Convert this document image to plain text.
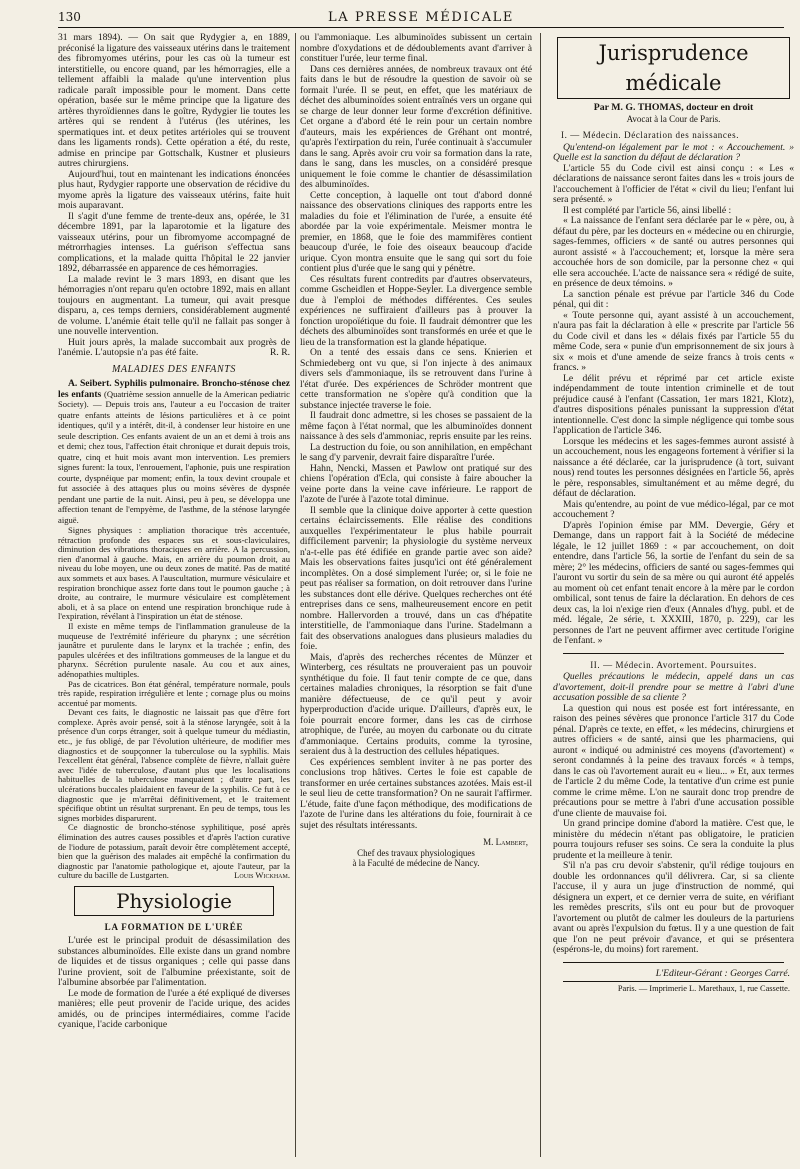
130	LA PRESSE MÉDICALE

31 mars 1894). — On sait que Rydygier a, en 1889, préconisé la ligature des vaisseaux utérins dans le traitement des fibromyomes utérins, pour les cas où la tumeur est interstitielle, ou encore quand, par les hémorragies, elle a tellement affaibli la malade qu'une intervention plus radicale paraît impossible pour le moment. Dans cette opération, basée sur le même principe que la ligature des artères thyroïdiennes dans le goître, Rydygier lie toutes les artères qui se rendent à l'utérus (les utérines, les spermatiques int. et deux petites artérioles qui se trouvent dans les ligaments ronds). Cette opération a été, du reste, admise en principe par Gottschalk, Kustner et plusieurs autres chirurgiens.

Aujourd'hui, tout en maintenant les indications énoncées plus haut, Rydygier rapporte une observation de récidive du myome après la ligature des vaisseaux utérins, faite huit mois auparavant.

Il s'agit d'une femme de trente-deux ans, opérée, le 31 décembre 1891, par la laparotomie et la ligature des vaisseaux utérins, pour un fibromyome accompagné de métrorrhagies intenses. La guérison s'effectua sans complications, et la malade quitta l'hôpital le 22 janvier 1892, débarrassée en apparence de ces hémorragies.

La malade revint le 3 mars 1893, en disant que les hémorragies n'ont reparu qu'en octobre 1892, mais en allant toujours en augmentant. La tumeur, qui avait presque disparu, a, ces temps derniers, considérablement augmenté de volume. L'anémie était telle qu'il ne fallait pas songer à une nouvelle intervention.

Huit jours après, la malade succombait aux progrès de l'anémie. L'autopsie n'a pas été faite.	R. R.

MALADIES DES ENFANTS

A. Seibert. Syphilis pulmonaire. Broncho-sténose chez les enfants (Quatrième session annuelle de la American pediatric Society). — Depuis trois ans, l'auteur a eu l'occasion de traiter quatre enfants atteints de lésions particulières et à ce point identiques, qu'il y a intérêt, dit-il, à condenser leur histoire en une seule description. Ces enfants avaient de un an et demi à trois ans et demi; chez tous, l'affection était chronique et durait depuis trois, quatre, cinq et huit mois avant mon intervention. Les premiers signes furent: la toux, l'enrouement, l'aphonie, puis une respiration courte, dyspnéique par moment; enfin, la toux devint croupale et fut associée à des attaques plus ou moins sévères de dyspnée pendant une partie de la nuit. Ainsi, peu à peu, se développa une affection tenant de l'empyème, de l'asthme, de la sténose laryngée aiguë.

Signes physiques : ampliation thoracique très accentuée, rétraction profonde des espaces sus et sous-claviculaires, diminution des vibrations thoraciques en arrière. A la percussion, rien d'anormal à gauche. Mais, en arrière du poumon droit, au niveau du lobe moyen, une ou deux zones de matité. Pas de matité aux sommets et aux bases. A l'auscultation, murmure vésiculaire et respiration bronchique assez forte dans tout le poumon gauche ; à droite, au contraire, le murmure vésiculaire est complètement aboli, et à sa place on entend une respiration bronchique rude à l'expiration, révélant à l'inspiration un état de sténose.

Il existe en même temps de l'inflammation granuleuse de la muqueuse de l'extrémité inférieure du pharynx ; une sécrétion jaunâtre et purulente dans le larynx et la trachée ; enfin, des papules ulcérées et des infiltrations gommeuses de la langue et du pharynx. Sécrétion purulente nasale. Au cou et aux aines, adénopathies multiples.

Pas de cicatrices. Bon état général, température normale, pouls très rapide, respiration irrégulière et lente ; cornage plus ou moins accentué par moments.

Devant ces faits, le diagnostic ne laissait pas que d'être fort complexe. Après avoir pensé, soit à la sténose laryngée, soit à la présence d'un corps étranger, soit à quelque tumeur du médiastin, etc., je fus obligé, de par l'évolution ultérieure, de modifier mes diagnostics et de soupçonner la tuberculose ou la syphilis. Mais l'excellent état général, l'absence complète de fièvre, n'allait guère avec l'idée de tuberculose, d'autant plus que les localisations habituelles de la tuberculose manquaient ; d'autre part, les ulcérations buccales plaidaient en faveur de la syphilis. Ce fut à ce diagnostic que je m'arrêtai définitivement, et le traitement spécifique obtint un résultat surprenant. En peu de temps, tous les signes morbides disparurent.

Ce diagnostic de broncho-sténose syphilitique, posé après élimination des autres causes possibles et d'après l'action curative de l'iodure de potassium, paraît devoir être complètement accepté, bien que la guérison des malades ait empêché la confirmation du diagnostic par l'anatomie pathologique et, ajoute l'auteur, par la culture du bacille de Lustgarten.	Louis Wickham.

Physiologie
LA FORMATION DE L'URÉE

L'urée est le principal produit de désassimilation des substances albuminoïdes. Elle existe dans un grand nombre de liquides et de tissus organiques ; celle qui passe dans l'urine provient, soit de l'albumine préexistante, soit de l'albumine absorbée par l'alimentation.

Le mode de formation de l'urée a été expliqué de diverses manières; elle peut provenir de l'acide urique, des acides amidés, ou de principes intermédiaires, comme l'acide cyanique, l'acide carbonique

ou l'ammoniaque. Les albuminoïdes subissent un certain nombre d'oxydations et de dédoublements avant d'arriver à constituer l'urée, leur terme final.

Dans ces dernières années, de nombreux travaux ont été faits dans le but de résoudre la question de savoir où se formait l'urée. Il se peut, en effet, que les matériaux de déchet des albuminoïdes soient entraînés vers un organe qui se charge de leur donner leur forme d'excrétion définitive. Cet organe a d'abord été le rein pour un certain nombre d'auteurs, mais les expériences de Gréhant ont montré, qu'après l'extirpation du rein, l'urée continuait à s'accumuler dans le sang. Après avoir cru voir sa formation dans la rate, dans le sang, dans les muscles, on a considéré presque uniquement le foie comme le chantier de désassimilation des albuminoïdes.

Cette conception, à laquelle ont tout d'abord donné naissance des observations cliniques des rapports entre les maladies du foie et l'élimination de l'urée, a ensuite été abordée par la voie expérimentale. Meismer montra le premier, en 1868, que le foie des mammifères contient beaucoup d'urée, le foie des oiseaux beaucoup d'acide urique. Cyon montra ensuite que le sang qui sort du foie contient plus d'urée que le sang qui y pénètre.

Ces résultats furent contredits par d'autres observateurs, comme Gscheidlen et Hoppe-Seyler. La divergence semble due à l'emploi de méthodes différentes. Ces seules expériences ne suffiraient d'ailleurs pas à prouver la fonction uropoïétique du foie. Il faudrait démontrer que les déchets des albuminoïdes sont transformés en urée et que le lieu de la transformation est la glande hépatique.

On a tenté des essais dans ce sens. Knierien et Schmiedeberg ont vu que, si l'on injecte à des animaux divers sels d'ammoniaque, ils se retrouvent dans l'urine à l'état d'urée. Des expériences de Schröder montrent que cette transformation ne s'opère qu'à condition que la substance injectée traverse le foie.

Il faudrait donc admettre, si les choses se passaient de la même façon à l'état normal, que les albuminoïdes donnent naissance à des sels d'ammoniac, repris ensuite par les reins.

La destruction du foie, ou son annihilation, en empêchant le sang d'y parvenir, devrait faire disparaître l'urée.

Hahn, Nencki, Massen et Pawlow ont pratiqué sur des chiens l'opération d'Ecla, qui consiste à faire aboucher la veine porte dans la veine cave inférieure. Le rapport de l'azote de l'urée à l'azote total diminue.

Il semble que la clinique doive apporter à cette question certains éclaircissements. Elle réalise des conditions auxquelles l'expérimentateur le plus habile pourrait difficilement parvenir; la physiologie du système nerveux n'a-t-elle pas été édifiée en grande partie avec son aide? Mais les observations faites jusqu'ici ont été généralement incomplètes. On a dosé simplement l'urée; or, si le foie ne peut pas réaliser sa formation, on doit retrouver dans l'urine les substances dont elle dérive. Quelques recherches ont été entreprises dans ce sens, malheureusement encore en petit nombre. Hallervorden a trouvé, dans un cas d'hépatite interstitielle, de l'ammoniaque dans l'urine. Stadelmann a fait des observations analogues dans plusieurs maladies du foie.

Mais, d'après des recherches récentes de Münzer et Winterberg, ces résultats ne prouveraient pas un pouvoir synthétique du foie. Il faut tenir compte de ce que, dans certaines maladies chroniques, la résorption se fait d'une manière défectueuse, de ce qu'il peut y avoir hyperproduction d'acide urique. D'ailleurs, d'après eux, le foie pourrait encore former, dans les cas de cirrhose atrophique, de l'urée, au moyen du carbonate ou du citrate d'ammoniaque. Certains produits, comme la tyrosine, seraient dus à la destruction des cellules hépatiques.

Ces expériences semblent inviter à ne pas porter des conclusions trop hâtives. Certes le foie est capable de transformer en urée certaines substances azotées. Mais est-il le seul lieu de cette transformation? On ne saurait l'affirmer. L'étude, faite d'une façon méthodique, des modifications de l'azote de l'urine dans les altérations du foie, fournirait à ce sujet des résultats intéressants.

M. Lambert,
Chef des travaux physiologiques
à la Faculté de médecine de Nancy.
Jurisprudence médicale
Par M. G. THOMAS, docteur en droit
Avocat à la Cour de Paris.
I. — Médecin. Déclaration des naissances.

Qu'entend-on légalement par le mot : « Accouchement. » Quelle est la sanction du défaut de déclaration ?

L'article 55 du Code civil est ainsi conçu : « Les « déclarations de naissance seront faites dans les « trois jours de l'accouchement à l'officier de l'état « civil du lieu; l'enfant lui sera présenté. »

Il est complété par l'article 56, ainsi libellé :

« La naissance de l'enfant sera déclarée par le « père, ou, à défaut du père, par les docteurs en « médecine ou en chirurgie, sages-femmes, officiers « de santé ou autres personnes qui auront assisté « à l'accouchement; et, lorsque la mère sera accouchée hors de son domicile, par la personne chez « qui elle sera accouchée. L'acte de naissance sera « rédigé de suite, en présence de deux témoins. »

La sanction pénale est prévue par l'article 346 du Code pénal, qui dit :

« Toute personne qui, ayant assisté à un accouchement, n'aura pas fait la déclaration à elle « prescrite par l'article 56 du Code civil et dans les « délais fixés par l'article 55 du même Code, sera « punie d'un emprisonnement de six jours à six « mois et d'une amende de seize francs à trois cents « francs. »

Le délit prévu et réprimé par cet article existe indépendamment de toute intention criminelle et de tout préjudice causé à l'enfant (Cassation, 1er mars 1821, Klotz), d'autres dispositions pénales punissant la suppression d'état intentionnelle. C'est donc la simple négligence qui tombe sous l'application de l'article 346.

Lorsque les médecins et les sages-femmes auront assisté à un accouchement, nous les engageons fortement à vérifier si la naissance a été déclarée, car la jurisprudence (à tort, suivant nous) rend toutes les personnes désignées en l'article 56, après le père, responsables, simultanément et au même degré, du défaut de déclaration.

Mais qu'entendre, au point de vue médico-légal, par ce mot accouchement ?

D'après l'opinion émise par MM. Devergie, Géry et Demange, dans un rapport fait à la Société de médecine légale, le 12 juillet 1869 : « par accouchement, on doit entendre, dans l'article 56, la sortie de l'enfant du sein de sa mère; 2° les médecins, officiers de santé ou sages-femmes qui l'auront vu sortir du sein de sa mère ou qui auront été appelés au moment où cet enfant tenait encore à la mère par le cordon ombilical, sont tenus de faire la déclaration. En dehors de ces deux cas, la loi n'exige rien d'eux (Annales d'hyg. publ. et de méd. légale, 2e série, t. XXXIII, 1870, p. 229), car les personnes de l'art ne peuvent affirmer avec certitude l'origine de l'enfant. »

II. — Médecin. Avortement. Poursuites.

Quelles précautions le médecin, appelé dans un cas d'avortement, doit-il prendre pour se mettre à l'abri d'une accusation possible de sa cliente ?

La question qui nous est posée est fort intéressante, en raison des peines sévères que prononce l'article 317 du Code pénal. D'après ce texte, en effet, « les médecins, chirurgiens et autres officiers « de santé, ainsi que les pharmaciens, qui auront « indiqué ou administré ces moyens (d'avortement) « seront condamnés à la peine des travaux forcés « à temps, dans le cas où l'avortement aurait eu « lieu... » Et, aux termes de l'article 2 du même Code, la tentative d'un crime est punie comme le crime même. L'on ne saurait donc trop prendre de précautions pour se mettre à l'abri d'une accusation possible d'une cliente de mauvaise foi.

Un grand principe domine d'abord la matière. C'est que, le ministère du médecin n'étant pas obligatoire, le praticien pourra toujours refuser ses soins. Ce sera la conduite la plus prudente et la meilleure à tenir.

S'il n'a pas cru devoir s'abstenir, qu'il rédige toujours en double les ordonnances qu'il délivrera. Car, si sa cliente l'accuse, il y aura un juge d'instruction de nommé, qui désignera un expert, et ce dernier verra de suite, en vérifiant les remèdes prescrits, s'ils ont eu pour but de provoquer l'avortement ou plutôt de calmer les douleurs de la parturiens avant ou après l'expulsion du fœtus. Il y a une question de fait que l'on ne peut prévoir d'avance, et qui se présentera (espérons-le, du moins) fort rarement.

L'Editeur-Gérant : Georges Carré.
Paris. — Imprimerie L. Marethaux, 1, rue Cassette.
